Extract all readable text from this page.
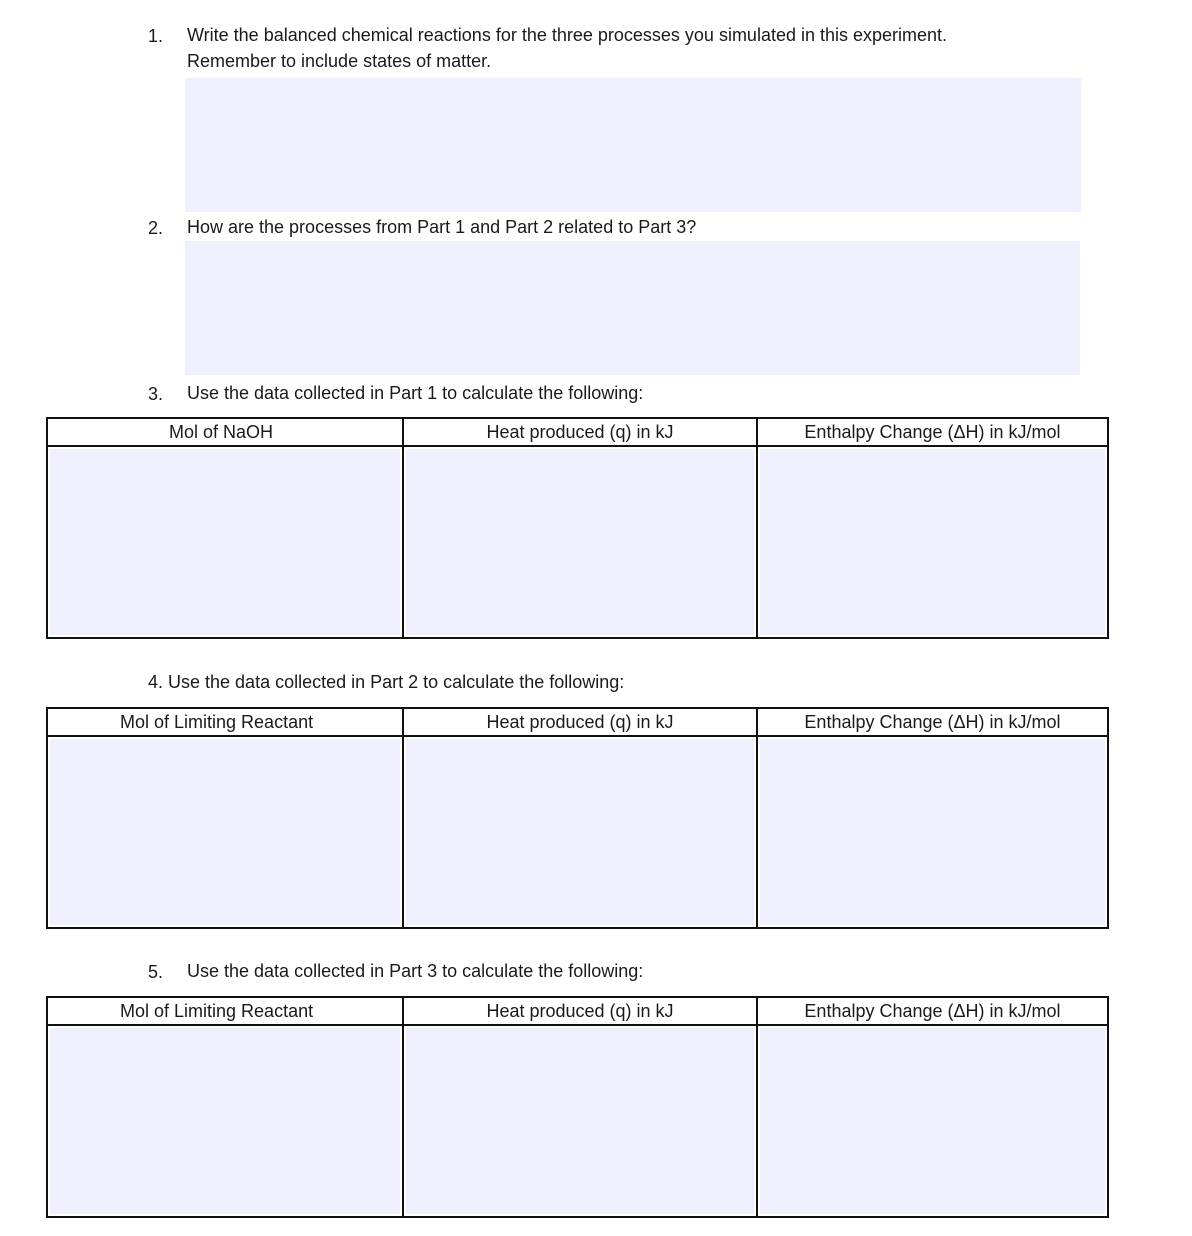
1. Write the balanced chemical reactions for the three processes you simulated in this experiment.
Remember to include states of matter.
2. How are the processes from Part 1 and Part 2 related to Part 3?
3. Use the data collected in Part 1 to calculate the following:
Mol of NaOH	Heat produced (q) in kJ	Enthalpy Change (ΔH) in kJ/mol
4. Use the data collected in Part 2 to calculate the following:
Mol of Limiting Reactant	Heat produced (q) in kJ	Enthalpy Change (ΔH) in kJ/mol
5. Use the data collected in Part 3 to calculate the following:
Mol of Limiting Reactant	Heat produced (q) in kJ	Enthalpy Change (ΔH) in kJ/mol
